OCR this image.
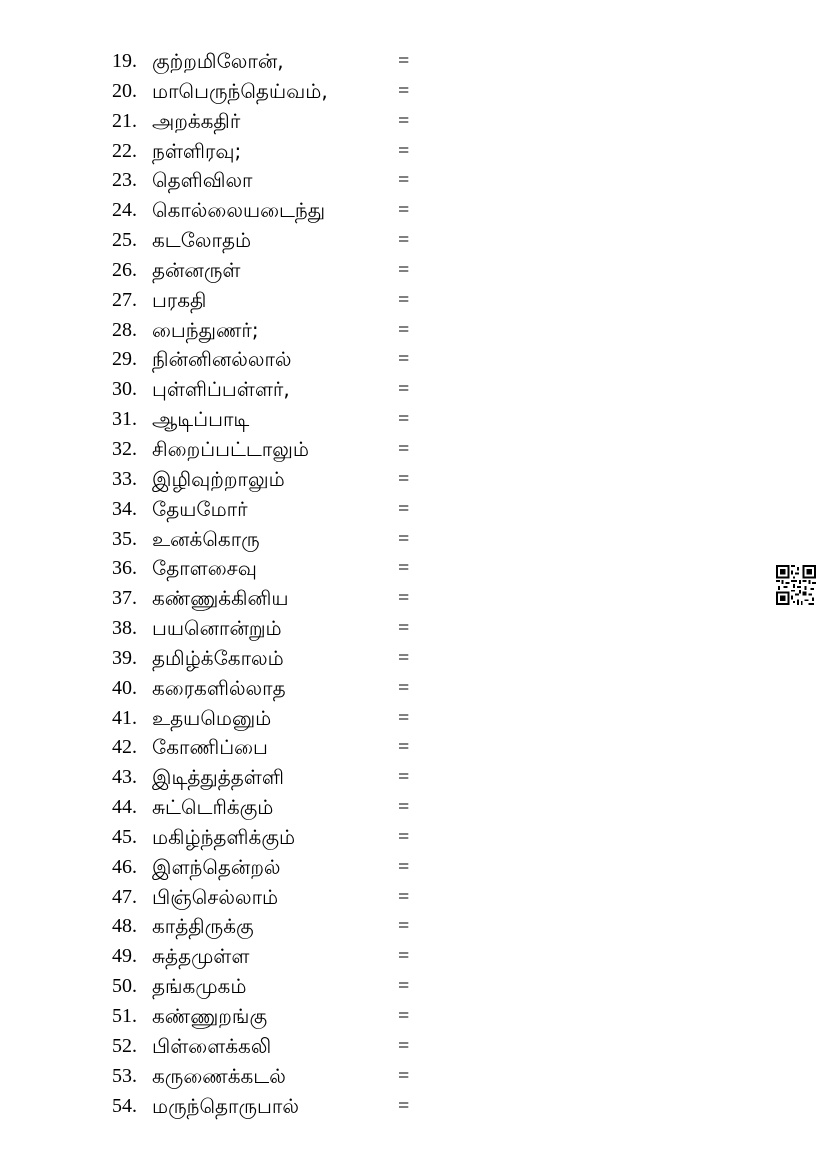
19. குற்றமிலோன்,	=
20. மாபெருந்தெய்வம்,	=
21. அறக்கதிர்	=
22. நள்ளிரவு;	=
23. தெளிவிலா	=
24. கொல்லையடைந்து	=
25. கடலோதம்	=
26. தன்னருள்	=
27. பரகதி	=
28. பைந்துணர்;	=
29. நின்னினல்லால்	=
30. புள்ளிப்பள்ளர்,	=
31. ஆடிப்பாடி	=
32. சிறைப்பட்டாலும்	=
33. இழிவுற்றாலும்	=
34. தேயமோர்	=
35. உனக்கொரு	=
36. தோளசைவு	=
37. கண்ணுக்கினிய	=
38. பயனொன்றும்	=
39. தமிழ்க்கோலம்	=
40. கரைகளில்லாத	=
41. உதயமெனும்	=
42. கோணிப்பை	=
43. இடித்துத்தள்ளி	=
44. சுட்டெரிக்கும்	=
45. மகிழ்ந்தளிக்கும்	=
46. இளந்தென்றல்	=
47. பிஞ்செல்லாம்	=
48. காத்திருக்கு	=
49. சுத்தமுள்ள	=
50. தங்கமுகம்	=
51. கண்ணுறங்கு	=
52. பிள்ளைக்கலி	=
53. கருணைக்கடல்	=
54. மருந்தொருபால்	=
